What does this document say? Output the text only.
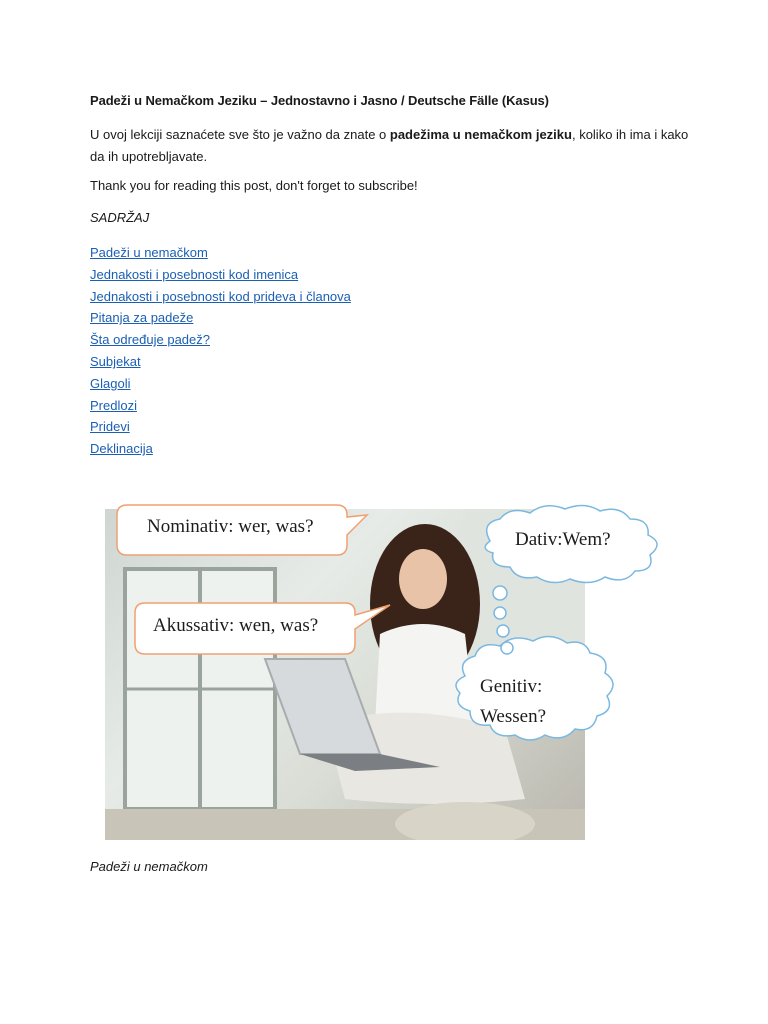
Padeži u Nemačkom Jeziku – Jednostavno i Jasno / Deutsche Fälle (Kasus)

U ovoj lekciji saznaćete sve što je važno da znate o padežima u nemačkom jeziku, koliko ih ima i kako da ih upotrebljavate.

Thank you for reading this post, don't forget to subscribe!
SADRŽAJ
Padeži u nemačkom
Jednakosti i posebnosti kod imenica
Jednakosti i posebnosti kod prideva i članova
Pitanja za padeže
Šta određuje padež?
Subjekat
Glagoli
Predlozi
Pridevi
Deklinacija
Nominativ: wer, was?
Akussativ: wen, was?
Dativ:Wem?
Genitiv:
Wessen?
Padeži u nemačkom
